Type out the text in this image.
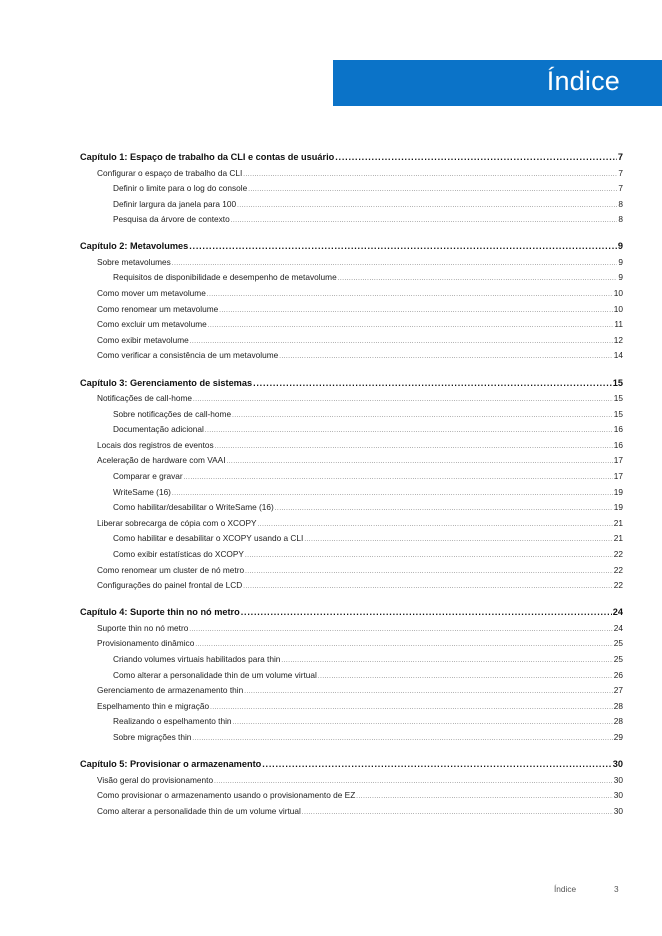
Índice
Capítulo 1: Espaço de trabalho da CLI e contas de usuário .....	7
Configurar o espaço de trabalho da CLI .....	7
Definir o limite para o log do console .....	7
Definir largura da janela para 100 .....	8
Pesquisa da árvore de contexto .....	8
Capítulo 2: Metavolumes .....	9
Sobre metavolumes .....	9
Requisitos de disponibilidade e desempenho de metavolume .....	9
Como mover um metavolume .....	10
Como renomear um metavolume .....	10
Como excluir um metavolume .....	11
Como exibir metavolume .....	12
Como verificar a consistência de um metavolume .....	14
Capítulo 3: Gerenciamento de sistemas .....	15
Notificações de call-home .....	15
Sobre notificações de call-home .....	15
Documentação adicional .....	16
Locais dos registros de eventos .....	16
Aceleração de hardware com VAAI .....	17
Comparar e gravar .....	17
WriteSame (16) .....	19
Como habilitar/desabilitar o WriteSame (16) .....	19
Liberar sobrecarga de cópia com o XCOPY .....	21
Como habilitar e desabilitar o XCOPY usando a CLI .....	21
Como exibir estatísticas do XCOPY .....	22
Como renomear um cluster de nó metro .....	22
Configurações do painel frontal de LCD .....	22
Capítulo 4: Suporte thin no nó metro .....	24
Suporte thin no nó metro .....	24
Provisionamento dinâmico .....	25
Criando volumes virtuais habilitados para thin .....	25
Como alterar a personalidade thin de um volume virtual .....	26
Gerenciamento de armazenamento thin .....	27
Espelhamento thin e migração .....	28
Realizando o espelhamento thin .....	28
Sobre migrações thin .....	29
Capítulo 5: Provisionar o armazenamento .....	30
Visão geral do provisionamento .....	30
Como provisionar o armazenamento usando o provisionamento de EZ .....	30
Como alterar a personalidade thin de um volume virtual .....	30
Índice	3
